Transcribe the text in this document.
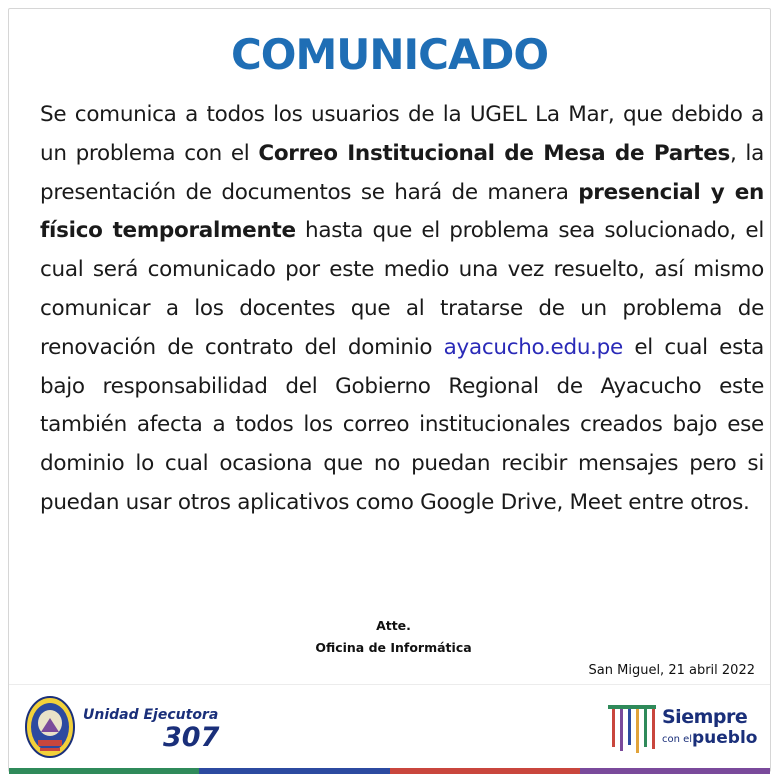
COMUNICADO
Se comunica a todos los usuarios de la UGEL La Mar, que debido a un problema con el Correo Institucional de Mesa de Partes, la presentación de documentos se hará de manera presencial y en físico temporalmente hasta que el problema sea solucionado, el cual será comunicado por este medio una vez resuelto, así mismo comunicar a los docentes que al tratarse de un problema de renovación de contrato del dominio ayacucho.edu.pe el cual esta bajo responsabilidad del Gobierno Regional de Ayacucho este también afecta a todos los correo institucionales creados bajo ese dominio lo cual ocasiona que no puedan recibir mensajes pero si puedan usar otros aplicativos como Google Drive, Meet entre otros.
Atte.
Oficina de Informática
San Miguel, 21 abril 2022
Unidad Ejecutora
307
Siempre
con el pueblo
